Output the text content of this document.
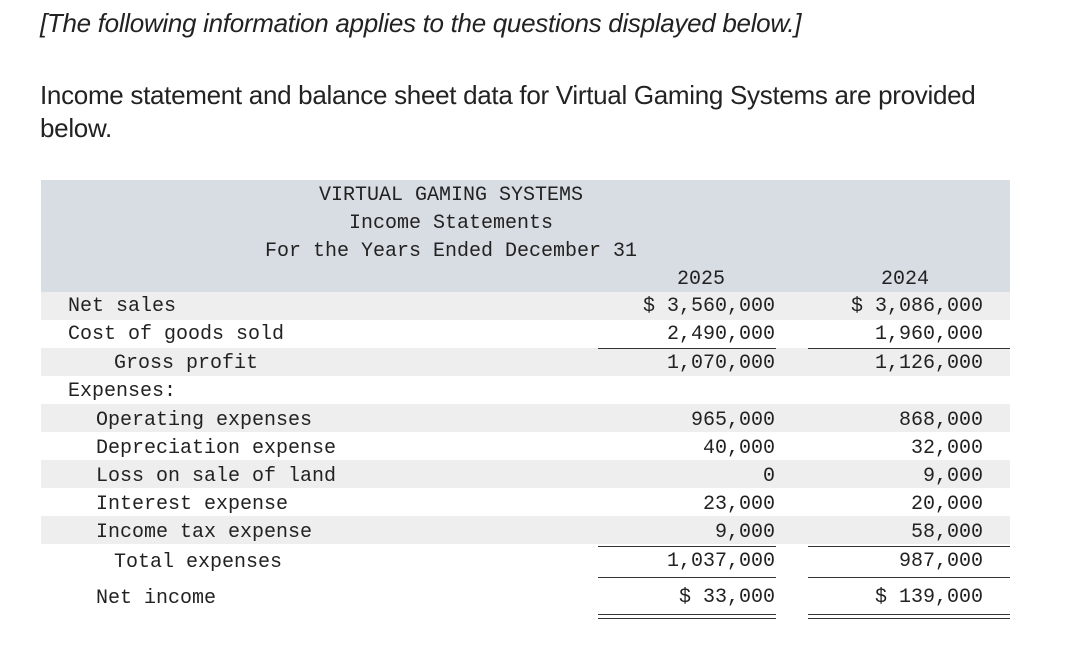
[The following information applies to the questions displayed below.]
Income statement and balance sheet data for Virtual Gaming Systems are provided below.
VIRTUAL GAMING SYSTEMS
Income Statements
For the Years Ended December 31
2025	2024
Net sales	$ 3,560,000	$ 3,086,000
Cost of goods sold	2,490,000	1,960,000
Gross profit	1,070,000	1,126,000
Expenses:
Operating expenses	965,000	868,000
Depreciation expense	40,000	32,000
Loss on sale of land	0	9,000
Interest expense	23,000	20,000
Income tax expense	9,000	58,000
Total expenses	1,037,000	987,000
Net income	$ 33,000	$ 139,000
